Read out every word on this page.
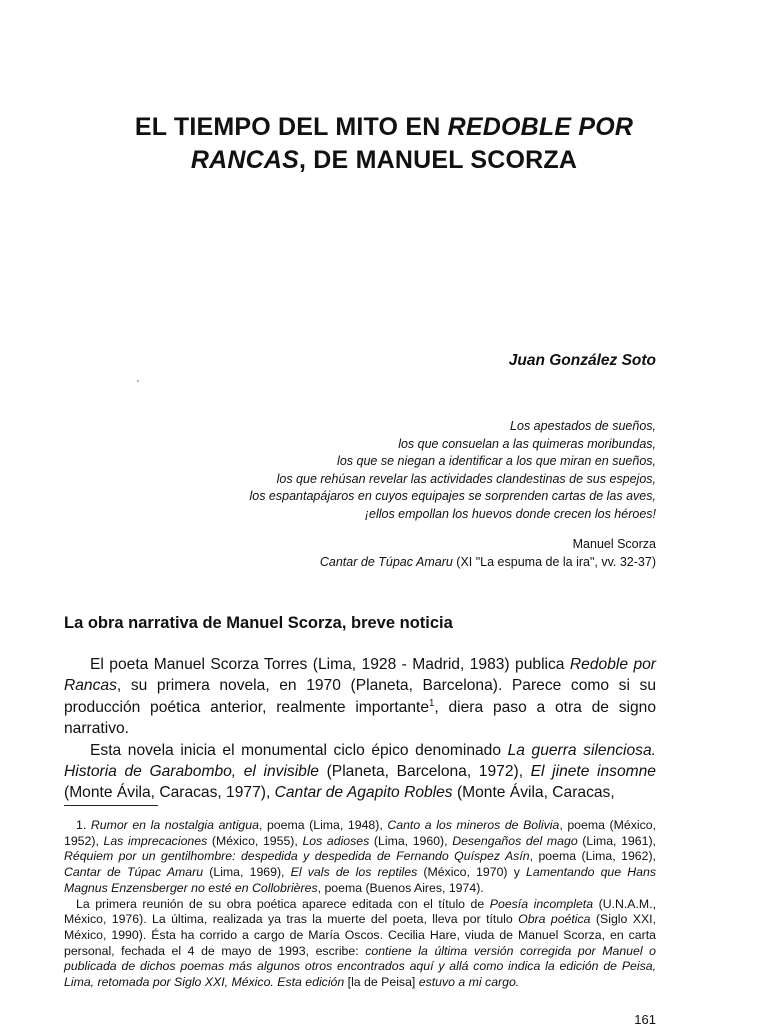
EL TIEMPO DEL MITO EN REDOBLE POR
RANCAS, DE MANUEL SCORZA
Juan González Soto
Los apestados de sueños,
los que consuelan a las quimeras moribundas,
los que se niegan a identificar a los que miran en sueños,
los que rehúsan revelar las actividades clandestinas de sus espejos,
los espantapájaros en cuyos equipajes se sorprenden cartas de las aves,
¡ellos empollan los huevos donde crecen los héroes!
Manuel Scorza
Cantar de Túpac Amaru (XI "La espuma de la ira", vv. 32-37)
La obra narrativa de Manuel Scorza, breve noticia

El poeta Manuel Scorza Torres (Lima, 1928 - Madrid, 1983) publica Redoble por Rancas, su primera novela, en 1970 (Planeta, Barcelona). Parece como si su producción poética anterior, realmente importante$^1$, diera paso a otra de signo narrativo.

Esta novela inicia el monumental ciclo épico denominado La guerra silenciosa. Historia de Garabombo, el invisible (Planeta, Barcelona, 1972), El jinete insomne (Monte Ávila, Caracas, 1977), Cantar de Agapito Robles (Monte Ávila, Caracas,

1. Rumor en la nostalgia antigua, poema (Lima, 1948), Canto a los mineros de Bolivia, poema (México, 1952), Las imprecaciones (México, 1955), Los adioses (Lima, 1960), Desengaños del mago (Lima, 1961), Réquiem por un gentilhombre: despedida y despedida de Fernando Quíspez Asín, poema (Lima, 1962), Cantar de Túpac Amaru (Lima, 1969), El vals de los reptiles (México, 1970) y Lamentando que Hans Magnus Enzensberger no esté en Collobrières, poema (Buenos Aires, 1974).

La primera reunión de su obra poética aparece editada con el título de Poesía incompleta (U.N.A.M., México, 1976). La última, realizada ya tras la muerte del poeta, lleva por título Obra poética (Siglo XXI, México, 1990). Ésta ha corrido a cargo de María Oscos. Cecilia Hare, viuda de Manuel Scorza, en carta personal, fechada el 4 de mayo de 1993, escribe: contiene la última versión corregida por Manuel o publicada de dichos poemas más algunos otros encontrados aquí y allá como indica la edición de Peisa, Lima, retomada por Siglo XXI, México. Esta edición [la de Peisa] estuvo a mi cargo.

161
